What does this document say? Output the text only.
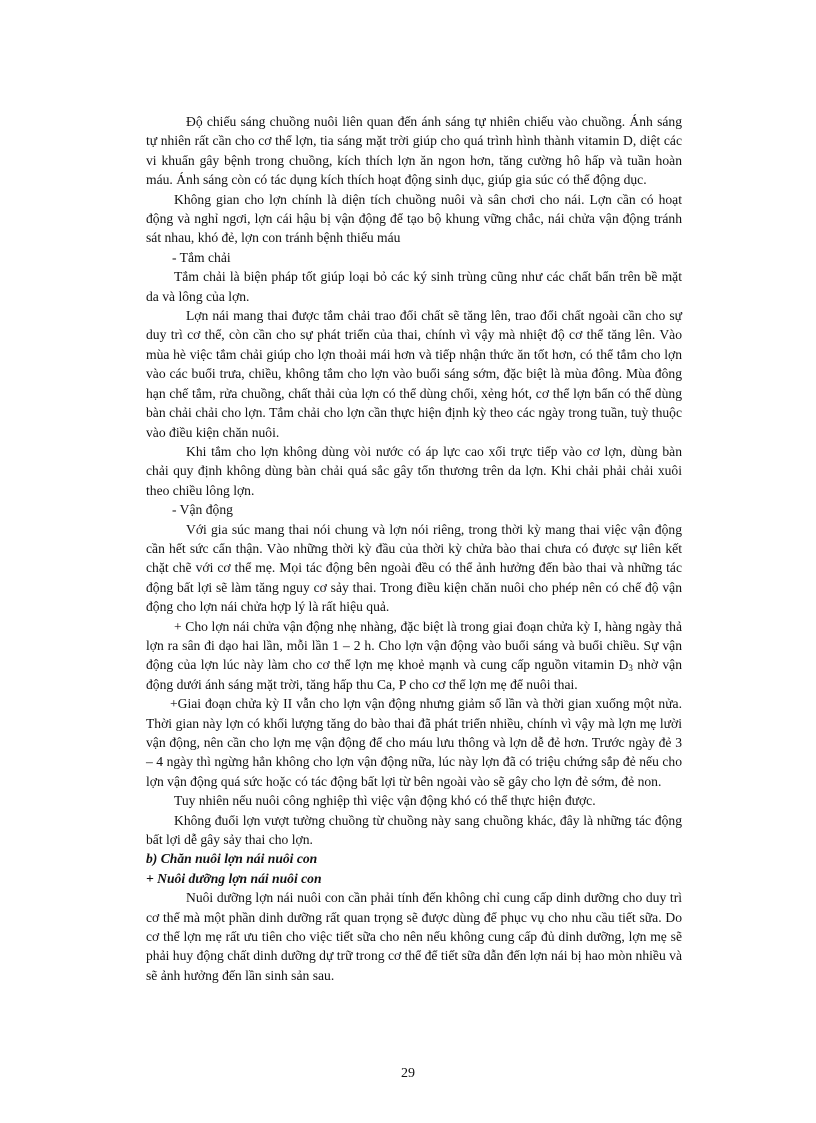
Độ chiếu sáng chuồng nuôi liên quan đến ánh sáng tự nhiên chiếu vào chuồng. Ánh sáng tự nhiên rất cần cho cơ thể lợn, tia sáng mặt trời giúp cho quá trình hình thành vitamin D, diệt các vi khuẩn gây bệnh trong chuồng, kích thích lợn ăn ngon hơn, tăng cường hô hấp và tuần hoàn máu. Ánh sáng còn có tác dụng kích thích hoạt động sinh dục, giúp gia súc có thể động dục.

Không gian cho lợn chính là diện tích chuồng nuôi và sân chơi cho nái. Lợn cần có hoạt động và nghỉ ngơi, lợn cái hậu bị vận động để tạo bộ khung vững chắc, nái chửa vận động tránh sát nhau, khó đẻ, lợn con tránh bệnh thiếu máu

- Tắm chải

Tắm chải là biện pháp tốt giúp loại bỏ các ký sinh trùng cũng như các chất bẩn trên bề mặt da và lông của lợn.

Lợn nái mang thai được tắm chải trao đổi chất sẽ tăng lên, trao đổi chất ngoài cần cho sự duy trì cơ thể, còn cần cho sự phát triển của thai, chính vì vậy mà nhiệt độ cơ thể tăng lên. Vào mùa hè việc tắm chải giúp cho lợn thoải mái hơn và tiếp nhận thức ăn tốt hơn, có thể tắm cho lợn vào các buổi trưa, chiều, không tắm cho lợn vào buổi sáng sớm, đặc biệt là mùa đông. Mùa đông hạn chế tắm, rửa chuồng, chất thải của lợn có thể dùng chổi, xẻng hót, cơ thể lợn bẩn có thể dùng bàn chải chải cho lợn. Tắm chải cho lợn cần thực hiện định kỳ theo các ngày trong tuần, tuỳ thuộc vào điều kiện chăn nuôi.

Khi tắm cho lợn không dùng vòi nước có áp lực cao xối trực tiếp vào cơ lợn, dùng bàn chải quy định không dùng bàn chải quá sắc gây tổn thương trên da lợn. Khi chải phải chải xuôi theo chiều lông lợn.

- Vận động

Với gia súc mang thai nói chung và lợn nói riêng, trong thời kỳ mang thai việc vận động cần hết sức cẩn thận. Vào những thời kỳ đầu của thời kỳ chửa bào thai chưa có được sự liên kết chặt chẽ với cơ thể mẹ. Mọi tác động bên ngoài đều có thể ảnh hưởng đến bào thai và những tác động bất lợi sẽ làm tăng nguy cơ sảy thai. Trong điều kiện chăn nuôi cho phép nên có chế độ vận động cho lợn nái chửa hợp lý là rất hiệu quả.

+ Cho lợn nái chửa vận động nhẹ nhàng, đặc biệt là trong giai đoạn chửa kỳ I, hàng ngày thả lợn ra sân đi dạo hai lần, mỗi lần 1 – 2 h. Cho lợn vận động vào buổi sáng và buổi chiều. Sự vận động của lợn lúc này làm cho cơ thể lợn mẹ khoẻ mạnh và cung cấp nguồn vitamin $D_3$ nhờ vận động dưới ánh sáng mặt trời, tăng hấp thu Ca, P cho cơ thể lợn mẹ để nuôi thai.

+Giai đoạn chửa kỳ II vẫn cho lợn vận động nhưng giảm số lần và thời gian xuống một nửa. Thời gian này lợn có khối lượng tăng do bào thai đã phát triển nhiều, chính vì vậy mà lợn mẹ lười vận động, nên cần cho lợn mẹ vận động để cho máu lưu thông và lợn dễ đẻ hơn. Trước ngày đẻ 3 – 4 ngày thì ngừng hẳn không cho lợn vận động nữa, lúc này lợn đã có triệu chứng sắp đẻ nếu cho lợn vận động quá sức hoặc có tác động bất lợi từ bên ngoài vào sẽ gây cho lợn đẻ sớm, đẻ non.

Tuy nhiên nếu nuôi công nghiệp thì việc vận động khó có thể thực hiện được.

Không đuổi lợn vượt tường chuồng từ chuồng này sang chuồng khác, đây là những tác động bất lợi dễ gây sảy thai cho lợn.

b) Chăn nuôi lợn nái nuôi con

+ Nuôi dưỡng lợn nái nuôi con

Nuôi dưỡng lợn nái nuôi con cần phải tính đến không chỉ cung cấp dinh dưỡng cho duy trì cơ thể mà một phần dinh dưỡng rất quan trọng sẽ được dùng để phục vụ cho nhu cầu tiết sữa. Do cơ thể lợn mẹ rất ưu tiên cho việc tiết sữa cho nên nếu không cung cấp đủ dinh dưỡng, lợn mẹ sẽ phải huy động chất dinh dưỡng dự trữ trong cơ thể để tiết sữa dẫn đến lợn nái bị hao mòn nhiều và sẽ ảnh hưởng đến lần sinh sản sau.

29
